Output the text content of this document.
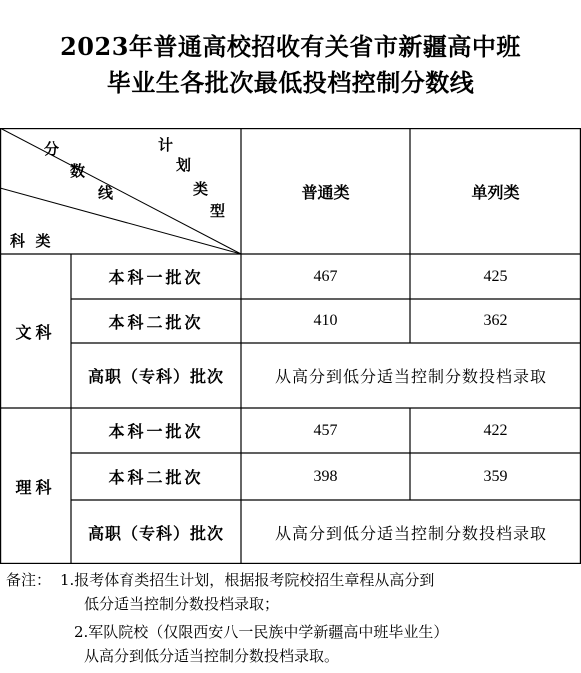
2023年普通高校招收有关省市新疆高中班
毕业生各批次最低投档控制分数线
计
划
类
型
分
数
线
科  类
普通类	单列类
文科
本科一批次	467	425
本科二批次	410	362
高职（专科）批次	从高分到低分适当控制分数投档录取
理科
本科一批次	457	422
本科二批次	398	359
高职（专科）批次	从高分到低分适当控制分数投档录取
备注： 1.报考体育类招生计划，根据报考院校招生章程从高分到
低分适当控制分数投档录取；
2.军队院校（仅限西安八一民族中学新疆高中班毕业生）
从高分到低分适当控制分数投档录取。
